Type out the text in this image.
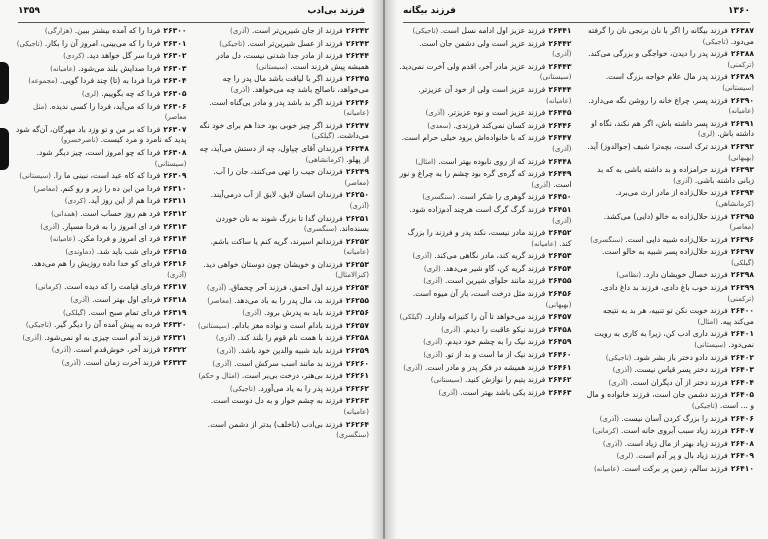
فرزند بی‌ادب
۱۳۵۹
۲۶۲۴۲فرزند از جان شیرین‌تر است. (آذری)
۲۶۲۴۳فرزند از عسل شیرین‌تر است. (تاجیکی)
۲۶۲۴۴فرزند از مادر جدا شدنی نیست، دل مادر همیشه پیش فرزند است. (سیستانی)
۲۶۲۴۵فرزند اگر با لیاقت باشد مال پدر را چه می‌خواهد، ناصالح باشد چه می‌خواهد. (آذری)
۲۶۲۴۶فرزند اگر بد باشد پدر و مادر بی‌گناه است. (عامیانه)
۲۶۲۴۷فرزند اگر چیز خوبی بود خدا هم برای خود نگه می‌داشت. (گیلکی)
۲۶۲۴۸فرزندان آقای چپاول، چه از دستش می‌آید، چه از پهلو. (کرمانشاهی)
۲۶۲۴۹فرزندان جیب را تهی می‌کنند، جان را آب. (معاصر)
۲۶۲۵۰فرزندان انسان لایق، لایق از آب درمی‌آیند. (آذری)
۲۶۲۵۱فرزندان گدا تا بزرگ شوند به نان خوردن بسنده‌اند. (سنگسری)
۲۶۲۵۲فرزندانم اسیرند، گریه کنم یا ساکت باشم. (عامیانه)
۲۶۲۵۳فرزندان و خویشان چون دوستان خواهی دید. (کنزالامثال)
۲۶۲۵۴فرزند اول احمق، فرزند آخر چخماق. (آذری)
۲۶۲۵۵فرزند بد، مال پدر را به باد می‌دهد. (معاصر)
۲۶۲۵۶فرزند باید به پدرش برود. (آذری)
۲۶۲۵۷فرزند بادام است و نواده مغز بادام. (سیستانی)
۲۶۲۵۸فرزند با همت نام قوم را بلند کند. (آذری)
۲۶۲۵۹فرزند باید شبیه والدین خود باشد. (آذری)
۲۶۲۶۰فرزند بد مانند اسب سرکش است. (آذری)
۲۶۲۶۱فرزند بی‌هنر، درخت بی‌بر است. (امثال و حکم)
۲۶۲۶۲فرزند پدر را به یاد می‌آورد. (تاجیکی)
۲۶۲۶۳فرزند به چشم خوار و به دل دوست است. (عامیانه)
۲۶۲۶۴فرزند بی‌ادب (ناخلف) بدتر از دشمن است. (سنگسری)
۲۶۳۰۰فردا را که آمده بیشتر ببین. (هزارگی)
۲۶۳۰۱فردا را که می‌بینی، امروز آن را بکار. (تاجیکی)
۲۶۳۰۲فردا سر گل خواهد دید. (کردی)
۲۶۳۰۳فردا صدایش بلند می‌شود. (عامیانه)
۲۶۳۰۴فردا فردا به (تا) چند فردا گویی. (مجموعه)
۲۶۳۰۵فردا که چه بگوییم. (لری)
۲۶۳۰۶فردا که می‌آید، فردا را کسی ندیده. (مثل معاصر)
۲۶۳۰۷فردا که بر من و تو وزد باد مهرگان، آن‌گه شود پدید که نامرد و مرد کیست. (ناصرخسرو)
۲۶۳۰۸فردا که چو امروز است، چیز دیگر شود. (سیستانی)
۲۶۳۰۹فردا که کاه عید است، نبینی ما را. (سیستانی)
۲۶۳۱۰فردا من این ده را زیر و رو کنم. (معاصر)
۲۶۳۱۱فردا هم از این روز آید. (کردی)
۲۶۳۱۲فرد هم روز حساب است. (همدانی)
۲۶۳۱۳فرد ای امروز را به فردا مسپار. (آذری)
۲۶۳۱۴فرد ای امروز و فردا مکن. (عامیانه)
۲۶۳۱۵فردای شب باید شد. (دماوندی)
۲۶۳۱۶فردای کو خدا داده روزیش را هم می‌دهد. (آذری)
۲۶۳۱۷فردای قیامت را که دیده است. (کرمانی)
۲۶۳۱۸فردای اول بهتر است. (آذری)
۲۶۳۱۹فردای تمام صبح است. (گیلکی)
۲۶۳۲۰فرده به پیش آمده آن را دیگر گیر. (تاجیکی)
۲۶۳۲۱فرزند آدم است چیزی به او نمی‌شود. (آذری)
۲۶۳۲۲فرزند آخر، خوش‌قدم است. (آذری)
۲۶۳۲۳فرزند آخرت زمان است. (آذری)
۱۳۶۰
فرزند بیگانه
۲۶۳۸۷فرزند بیگانه را اگر با نان برنجی نان را گرفته می‌دود. (تاجیکی)
۲۶۳۸۸فرزند پدر را دیدن، خواجگی و بزرگی می‌کند. (ترکمنی)
۲۶۳۸۹فرزند پدر مال علام خواجه بزرگ است. (سیستانی)
۲۶۳۹۰فرزند پسر، چراغ خانه را روشن نگه می‌دارد. (عامیانه)
۲۶۳۹۱فرزند پسر داشته باش، اگر هم نکند، نگاه او داشته باش. (لری)
۲۶۳۹۲فرزند ترک است، بچه‌ترا شیف (جوالدوز) آید. (بهبهانی)
۲۶۳۹۳فرزند حرامزاده و بد داشته باشی به که بد زبانی داشته باشی. (آذری)
۲۶۳۹۴فرزند حلال‌زاده از مادر ارث می‌برد. (کرمانشاهی)
۲۶۳۹۵فرزند حلال‌زاده به خالو (دایی) می‌کشد. (معاصر)
۲۶۳۹۶فرزند حلال‌زاده شبیه دایی است. (سنگسری)
۲۶۳۹۷فرزند حلال‌زاده پسر شبیه به خالو است. (گیلکی)
۲۶۳۹۸فرزند خصال خویشان دارد. (نظامی)
۲۶۳۹۹فرزند خوب باغ دادی، فرزند بد داغ دادی. (ترکمنی)
۲۶۴۰۰فرزند خوبت نکن تو تنبیه، هر بد به نتیجه می‌کند پیه. (امثال)
۲۶۴۰۱فرزند داری ادب کن، زیرا به کاری به رویت نمی‌دود. (سیستانی)
۲۶۴۰۲فرزند دادو دختر باز بشر شود. (تاجیکی)
۲۶۴۰۳فرزند دختر پسر قیاس نیست. (آذری)
۲۶۴۰۴فرزند دختر از آن دیگران است. (آذری)
۲۶۴۰۵فرزند دشمن جان است، فرزند خانواده و مال و ... است. (تاجیکی)
۲۶۴۰۶فرزند را بزرگ کردن آسان نیست. (آذری)
۲۶۴۰۷فرزند زیاد سبب آبروی خانه است. (کرمانی)
۲۶۴۰۸فرزند زیاد بهتر از مال زیاد است. (آذری)
۲۶۴۰۹فرزند زیاد بال و پر آدم است. (لری)
۲۶۴۱۰فرزند سالم، زمین پر برکت است. (عامیانه)
۲۶۴۴۱فرزند عزیز اول ادامه نسل است. (تاجیکی)
۲۶۴۴۲فرزند عزیز است ولی دشمن جان است. (آذری)
۲۶۴۴۳فرزند عزیز مادر آخر، اقدم ولی آخرت نمی‌دید. (سیستانی)
۲۶۴۴۴فرزند عزیز است ولی از خود آن عزیزتر. (عامیانه)
۲۶۴۴۵فرزند عزیز است و نوه عزیزتر. (آذری)
۲۶۴۴۶فرزند کسان نمی‌کند فرزندی. (سعدی)
۲۶۴۴۷فرزند که با خانواده‌اش برود خیلی حرام است. (آذری)
۲۶۴۴۸فرزند که از روی نابوده بهتر است. (امثال)
۲۶۴۴۹فرزند که گره‌ی گره بود چشم را به چراغ و نور است. (آذری)
۲۶۴۵۰فرزند گوهری را شکر است. (سنگسری)
۲۶۴۵۱فرزند گرگ گرگ است هرچند آدم‌زاده شود. (آذری)
۲۶۴۵۲فرزند مادر نیست، نکند پدر و فرزند را بزرگ کند. (عامیانه)
۲۶۴۵۳فرزند گریه کند، مادر نگاهی می‌کند. (آذری)
۲۶۴۵۴فرزند گریه کن، گاو شیر می‌دهد. (لری)
۲۶۴۵۵فرزند مانند حلوای شیرین است. (آذری)
۲۶۴۵۶فرزند مثل درخت است، بار آن میوه است. (بهبهانی)
۲۶۴۵۷فرزند می‌خواهد تا آن را کنیزانه وادارد. (گیلکی)
۲۶۴۵۸فرزند نیکو عاقبت را دیدم. (آذری)
۲۶۴۵۹فرزند نیک را به چشم خود دیدم. (آذری)
۲۶۴۶۰فرزند نیک از ما است و بد از تو. (آذری)
۲۶۴۶۱فرزند همیشه در فکر پدر و مادر است. (آذری)
۲۶۴۶۲فرزند یتیم را نوازش کنید. (سیستانی)
۲۶۴۶۳فرزند یکی باشد بهتر است. (آذری)
